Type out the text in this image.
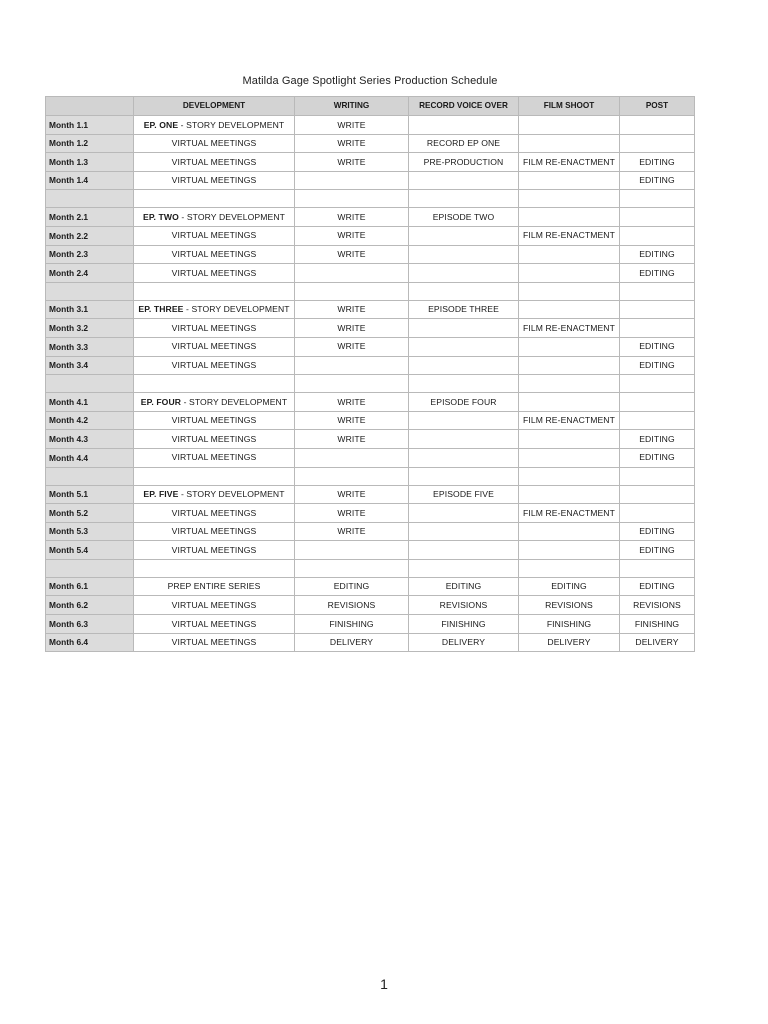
Matilda Gage Spotlight Series Production Schedule
	DEVELOPMENT	WRITING	RECORD VOICE OVER	FILM SHOOT	POST
Month 1.1	EP. ONE - STORY DEVELOPMENT	WRITE			
Month 1.2	VIRTUAL MEETINGS	WRITE	RECORD EP ONE		
Month 1.3	VIRTUAL MEETINGS	WRITE	PRE-PRODUCTION	FILM RE-ENACTMENT	EDITING
Month 1.4	VIRTUAL MEETINGS				EDITING

Month 2.1	EP. TWO - STORY DEVELOPMENT	WRITE	EPISODE TWO		
Month 2.2	VIRTUAL MEETINGS	WRITE		FILM RE-ENACTMENT	
Month 2.3	VIRTUAL MEETINGS	WRITE			EDITING
Month 2.4	VIRTUAL MEETINGS				EDITING

Month 3.1	EP. THREE - STORY DEVELOPMENT	WRITE	EPISODE THREE		
Month 3.2	VIRTUAL MEETINGS	WRITE		FILM RE-ENACTMENT	
Month 3.3	VIRTUAL MEETINGS	WRITE			EDITING
Month 3.4	VIRTUAL MEETINGS				EDITING

Month 4.1	EP. FOUR - STORY DEVELOPMENT	WRITE	EPISODE FOUR		
Month 4.2	VIRTUAL MEETINGS	WRITE		FILM RE-ENACTMENT	
Month 4.3	VIRTUAL MEETINGS	WRITE			EDITING
Month 4.4	VIRTUAL MEETINGS				EDITING

Month 5.1	EP. FIVE - STORY DEVELOPMENT	WRITE	EPISODE FIVE		
Month 5.2	VIRTUAL MEETINGS	WRITE		FILM RE-ENACTMENT	
Month 5.3	VIRTUAL MEETINGS	WRITE			EDITING
Month 5.4	VIRTUAL MEETINGS				EDITING

Month 6.1	PREP ENTIRE SERIES	EDITING	EDITING	EDITING	EDITING
Month 6.2	VIRTUAL MEETINGS	REVISIONS	REVISIONS	REVISIONS	REVISIONS
Month 6.3	VIRTUAL MEETINGS	FINISHING	FINISHING	FINISHING	FINISHING
Month 6.4	VIRTUAL MEETINGS	DELIVERY	DELIVERY	DELIVERY	DELIVERY
1
